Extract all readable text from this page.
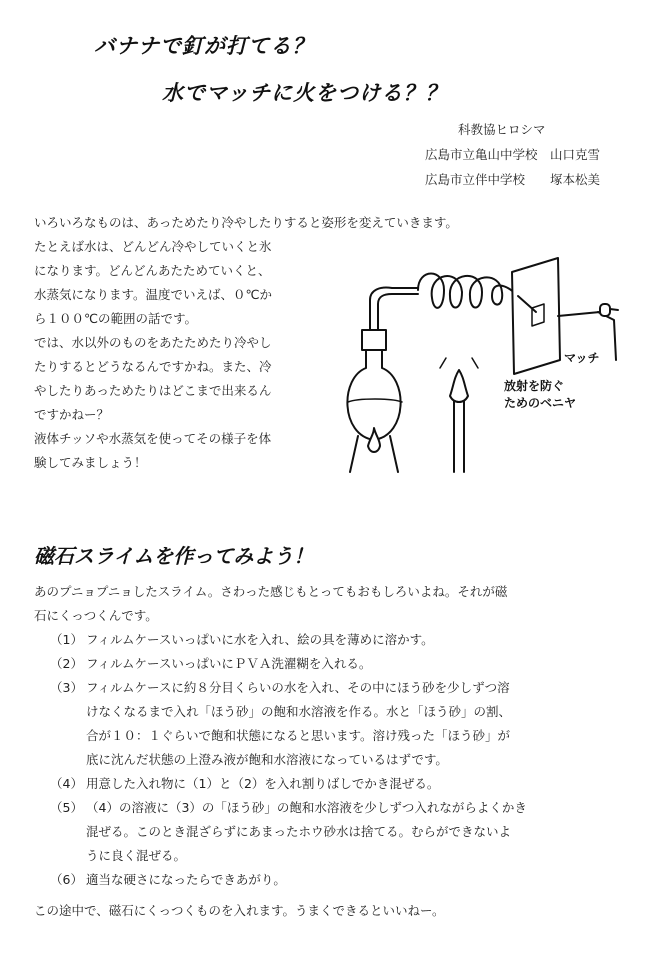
バナナで釘が打てる？
水でマッチに火をつける？？
科教協ヒロシマ
広島市立亀山中学校　山口克雪
広島市立伴中学校　　塚本松美
いろいろなものは、あっためたり冷やしたりすると姿形を変えていきます。
たとえば水は、どんどん冷やしていくと氷
になります。どんどんあたためていくと、
水蒸気になります。温度でいえば、０℃か
ら１００℃の範囲の話です。
では、水以外のものをあたためたり冷やし
たりするとどうなるんですかね。また、冷
やしたりあっためたりはどこまで出来るん
ですかねー？
液体チッソや水蒸気を使ってその様子を体
験してみましょう！
マッチ
放射を防ぐ
ためのベニヤ
磁石スライムを作ってみよう！
あのプニョプニョしたスライム。さわった感じもとってもおもしろいよね。それが磁
石にくっつくんです。
（1） フィルムケースいっぱいに水を入れ、絵の具を薄めに溶かす。
（2） フィルムケースいっぱいにＰＶＡ洗濯糊を入れる。
（3） フィルムケースに約８分目くらいの水を入れ、その中にほう砂を少しずつ溶
けなくなるまで入れ「ほう砂」の飽和水溶液を作る。水と「ほう砂」の割、
合が１０：１ぐらいで飽和状態になると思います。溶け残った「ほう砂」が
底に沈んだ状態の上澄み液が飽和水溶液になっているはずです。
（4） 用意した入れ物に（1）と（2）を入れ割りばしでかき混ぜる。
（5） （4）の溶液に（3）の「ほう砂」の飽和水溶液を少しずつ入れながらよくかき
混ぜる。このとき混ざらずにあまったホウ砂水は捨てる。むらができないよ
うに良く混ぜる。
（6） 適当な硬さになったらできあがり。
この途中で、磁石にくっつくものを入れます。うまくできるといいねー。
